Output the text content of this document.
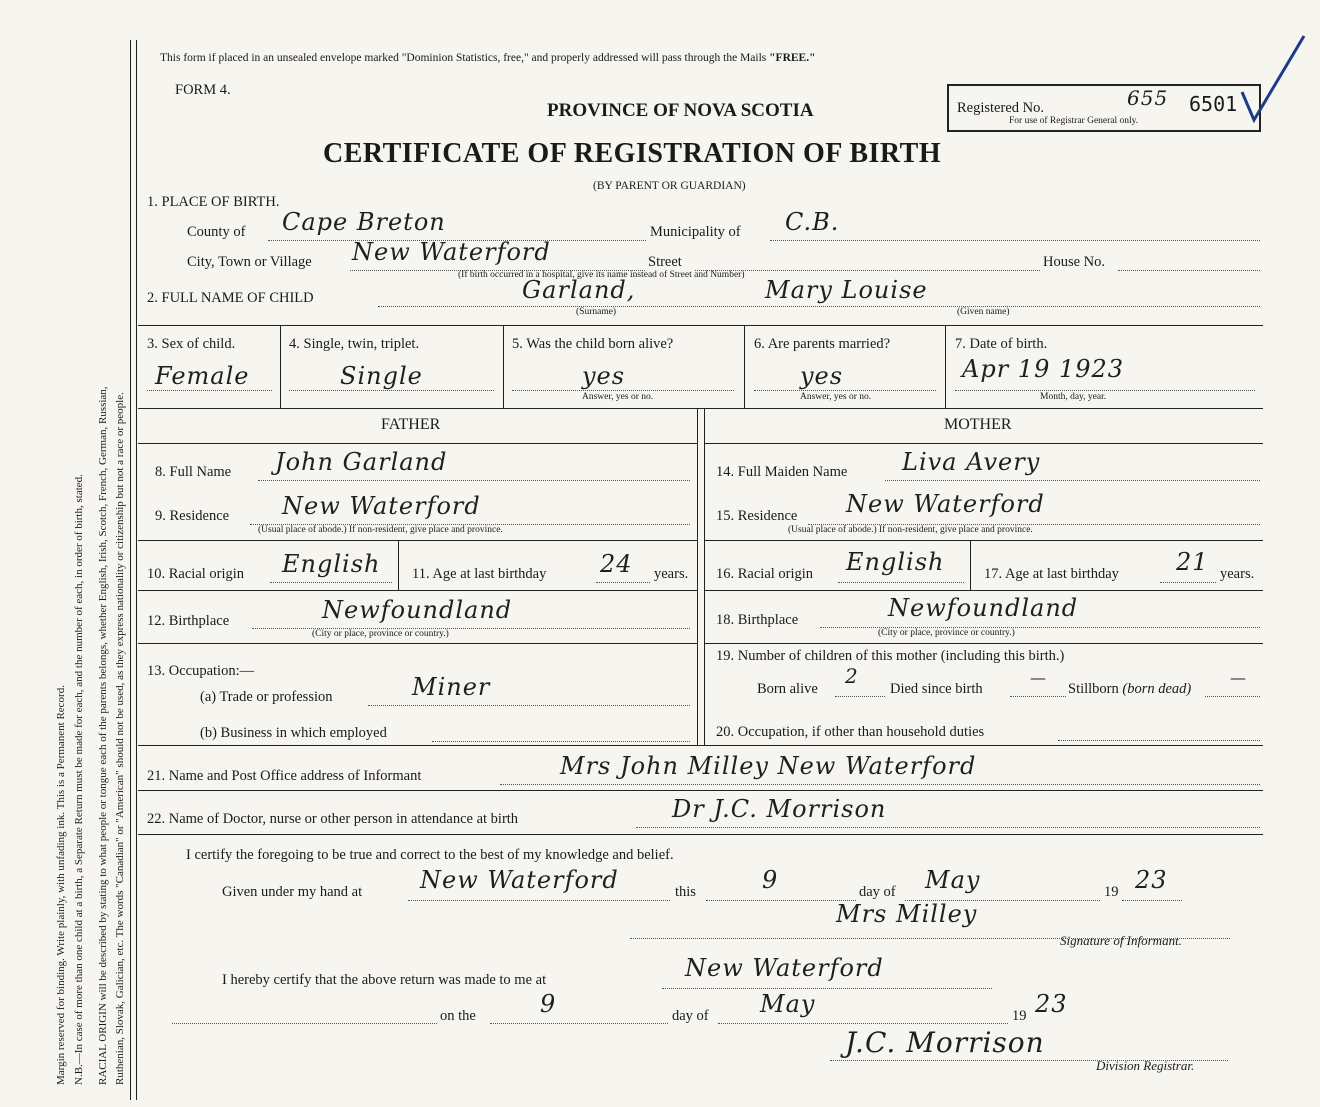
Margin reserved for binding. Write plainly, with unfading ink. This is a Permanent Record. N.B.—In case of more than one child at a birth, a Separate Return must be made for each, and the number of each, in order of birth, stated. RACIAL ORIGIN will be described by stating to what people or tongue each of the parents belongs, whether English, Irish, Scotch, French, German, Russian, Ruthenian, Slovak, Galician, etc. The words "Canadian" or "American" should not be used, as they express nationality or citizenship but not a race or people.
This form if placed in an unsealed envelope marked "Dominion Statistics, free," and properly addressed will pass through the Mails "FREE."
FORM 4.
PROVINCE OF NOVA SCOTIA	Registered No.	655 6501
For use of Registrar General only.
CERTIFICATE OF REGISTRATION OF BIRTH
(BY PARENT OR GUARDIAN)
1. PLACE OF BIRTH.
County of Cape Breton	Municipality of C.B.
City, Town or Village New Waterford	Street	House No.
(If birth occurred in a hospital, give its name instead of Street and Number)
2. FULL NAME OF CHILD	Garland,	Mary Louise
(Surname)	(Given name)
3. Sex of child.
Female
4. Single, twin, triplet.
Single
5. Was the child born alive?
yes
Answer, yes or no.
6. Are parents married?
yes
Answer, yes or no.
7. Date of birth.
Apr 19 1923
Month, day, year.
FATHER	MOTHER
8. Full Name John Garland
9. Residence New Waterford
(Usual place of abode.) If non-resident, give place and province.
10. Racial origin English 11. Age at last birthday 24 years.
12. Birthplace	Newfoundland
(City or place, province or country.)
13. Occupation:—
(a) Trade or profession	Miner
(b) Business in which employed
14. Full Maiden Name Liva Avery
15. Residence New Waterford
(Usual place of abode.) If non-resident, give place and province.
16. Racial origin English	17. Age at last birthday 21 years.
18. Birthplace	Newfoundland
(City or place, province or country.)
19. Number of children of this mother (including this birth.)
Born alive
2
Died since birth
—
Stillborn (born dead)
—
20. Occupation, if other than household duties
21. Name and Post Office address of Informant	Mrs John Milley New Waterford
22. Name of Doctor, nurse or other person in attendance at birth	Dr J.C. Morrison
I certify the foregoing to be true and correct to the best of my knowledge and belief.
Given under my hand at New Waterford	this	9	day of May	19 23
Mrs Milley
Signature of Informant.
I hereby certify that the above return was made to me at	New Waterford
on the	9	day of May	19 23
J.C. Morrison
Division Registrar.
